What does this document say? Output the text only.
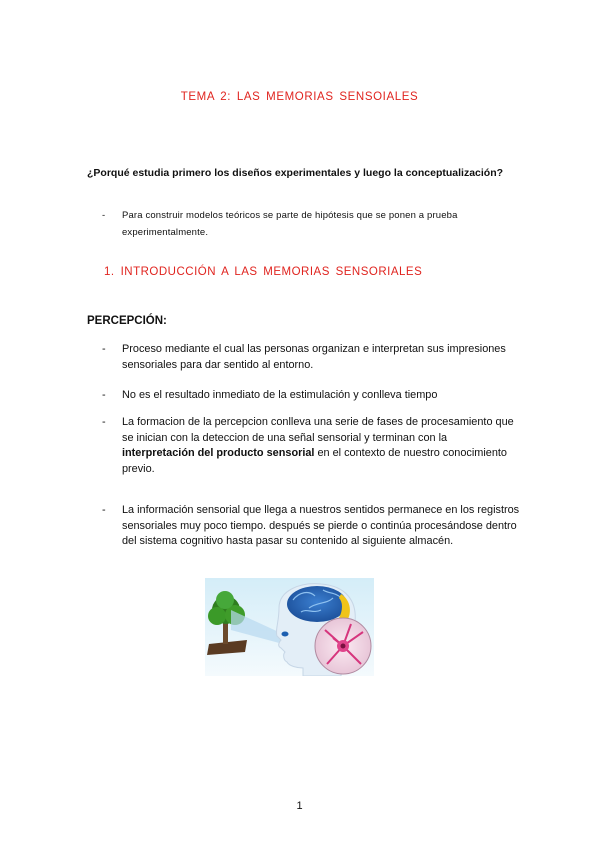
TEMA 2: LAS MEMORIAS SENSOIALES
¿Porqué estudia primero los diseños experimentales y luego la conceptualización?
- Para construir modelos teóricos se parte de hipótesis que se ponen a prueba experimentalmente.
1. INTRODUCCIÓN A LAS MEMORIAS SENSORIALES
PERCEPCIÓN:
- Proceso mediante el cual las personas organizan e interpretan sus impresiones sensoriales para dar sentido al entorno.
- No es el resultado inmediato de la estimulación y conlleva tiempo
- La formacion de la percepcion conlleva una serie de fases de procesamiento que se inician con la deteccion de una señal sensorial y terminan con la interpretación del producto sensorial en el contexto de nuestro conocimiento previo.
- La información sensorial que llega a nuestros sentidos permanece en los registros sensoriales muy poco tiempo. después se pierde o continúa procesándose dentro del sistema cognitivo hasta pasar su contenido al siguiente almacén.
1
